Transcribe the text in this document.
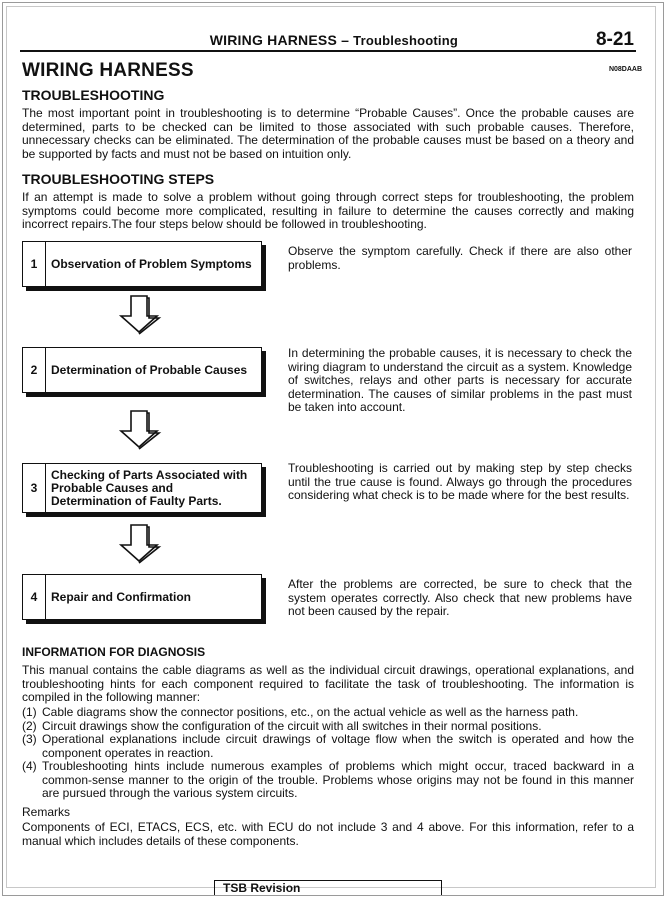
WIRING HARNESS – Troubleshooting	8-21
WIRING HARNESS	N08DAAB
TROUBLESHOOTING

The most important point in troubleshooting is to determine “Probable Causes”. Once the probable causes are determined, parts to be checked can be limited to those associated with such probable causes. Therefore, unnecessary checks can be eliminated. The determination of the probable causes must be based on a theory and be supported by facts and must not be based on intuition only.

TROUBLESHOOTING STEPS

If an attempt is made to solve a problem without going through correct steps for troubleshooting, the problem symptoms could become more complicated, resulting in failure to determine the causes correctly and making incorrect repairs.The four steps below should be followed in troubleshooting.

1	Observation of Problem Symptoms

Observe the symptom carefully. Check if there are also other problems.

2	Determination of Probable Causes

In determining the probable causes, it is necessary to check the wiring diagram to understand the circuit as a system. Knowledge of switches, relays and other parts is necessary for accurate determination. The causes of similar problems in the past must be taken into account.

3
Checking of Parts Associated with Probable Causes and Determination of Faulty Parts.

Troubleshooting is carried out by making step by step checks until the true cause is found. Always go through the procedures considering what check is to be made where for the best results.

4	Repair and Confirmation

After the problems are corrected, be sure to check that the system operates correctly. Also check that new problems have not been caused by the repair.

INFORMATION FOR DIAGNOSIS

This manual contains the cable diagrams as well as the individual circuit drawings, operational explanations, and troubleshooting hints for each component required to facilitate the task of troubleshooting. The information is compiled in the following manner:

(1) Cable diagrams show the connector positions, etc., on the actual vehicle as well as the harness path.
(2) Circuit drawings show the configuration of the circuit with all switches in their normal positions.
(3) Operational explanations include circuit drawings of voltage flow when the switch is operated and how the component operates in reaction.
(4) Troubleshooting hints include numerous examples of problems which might occur, traced backward in a common-sense manner to the origin of the trouble. Problems whose origins may not be found in this manner are pursued through the various system circuits.

Remarks

Components of ECI, ETACS, ECS, etc. with ECU do not include 3 and 4 above. For this information, refer to a manual which includes details of these components.

TSB Revision
